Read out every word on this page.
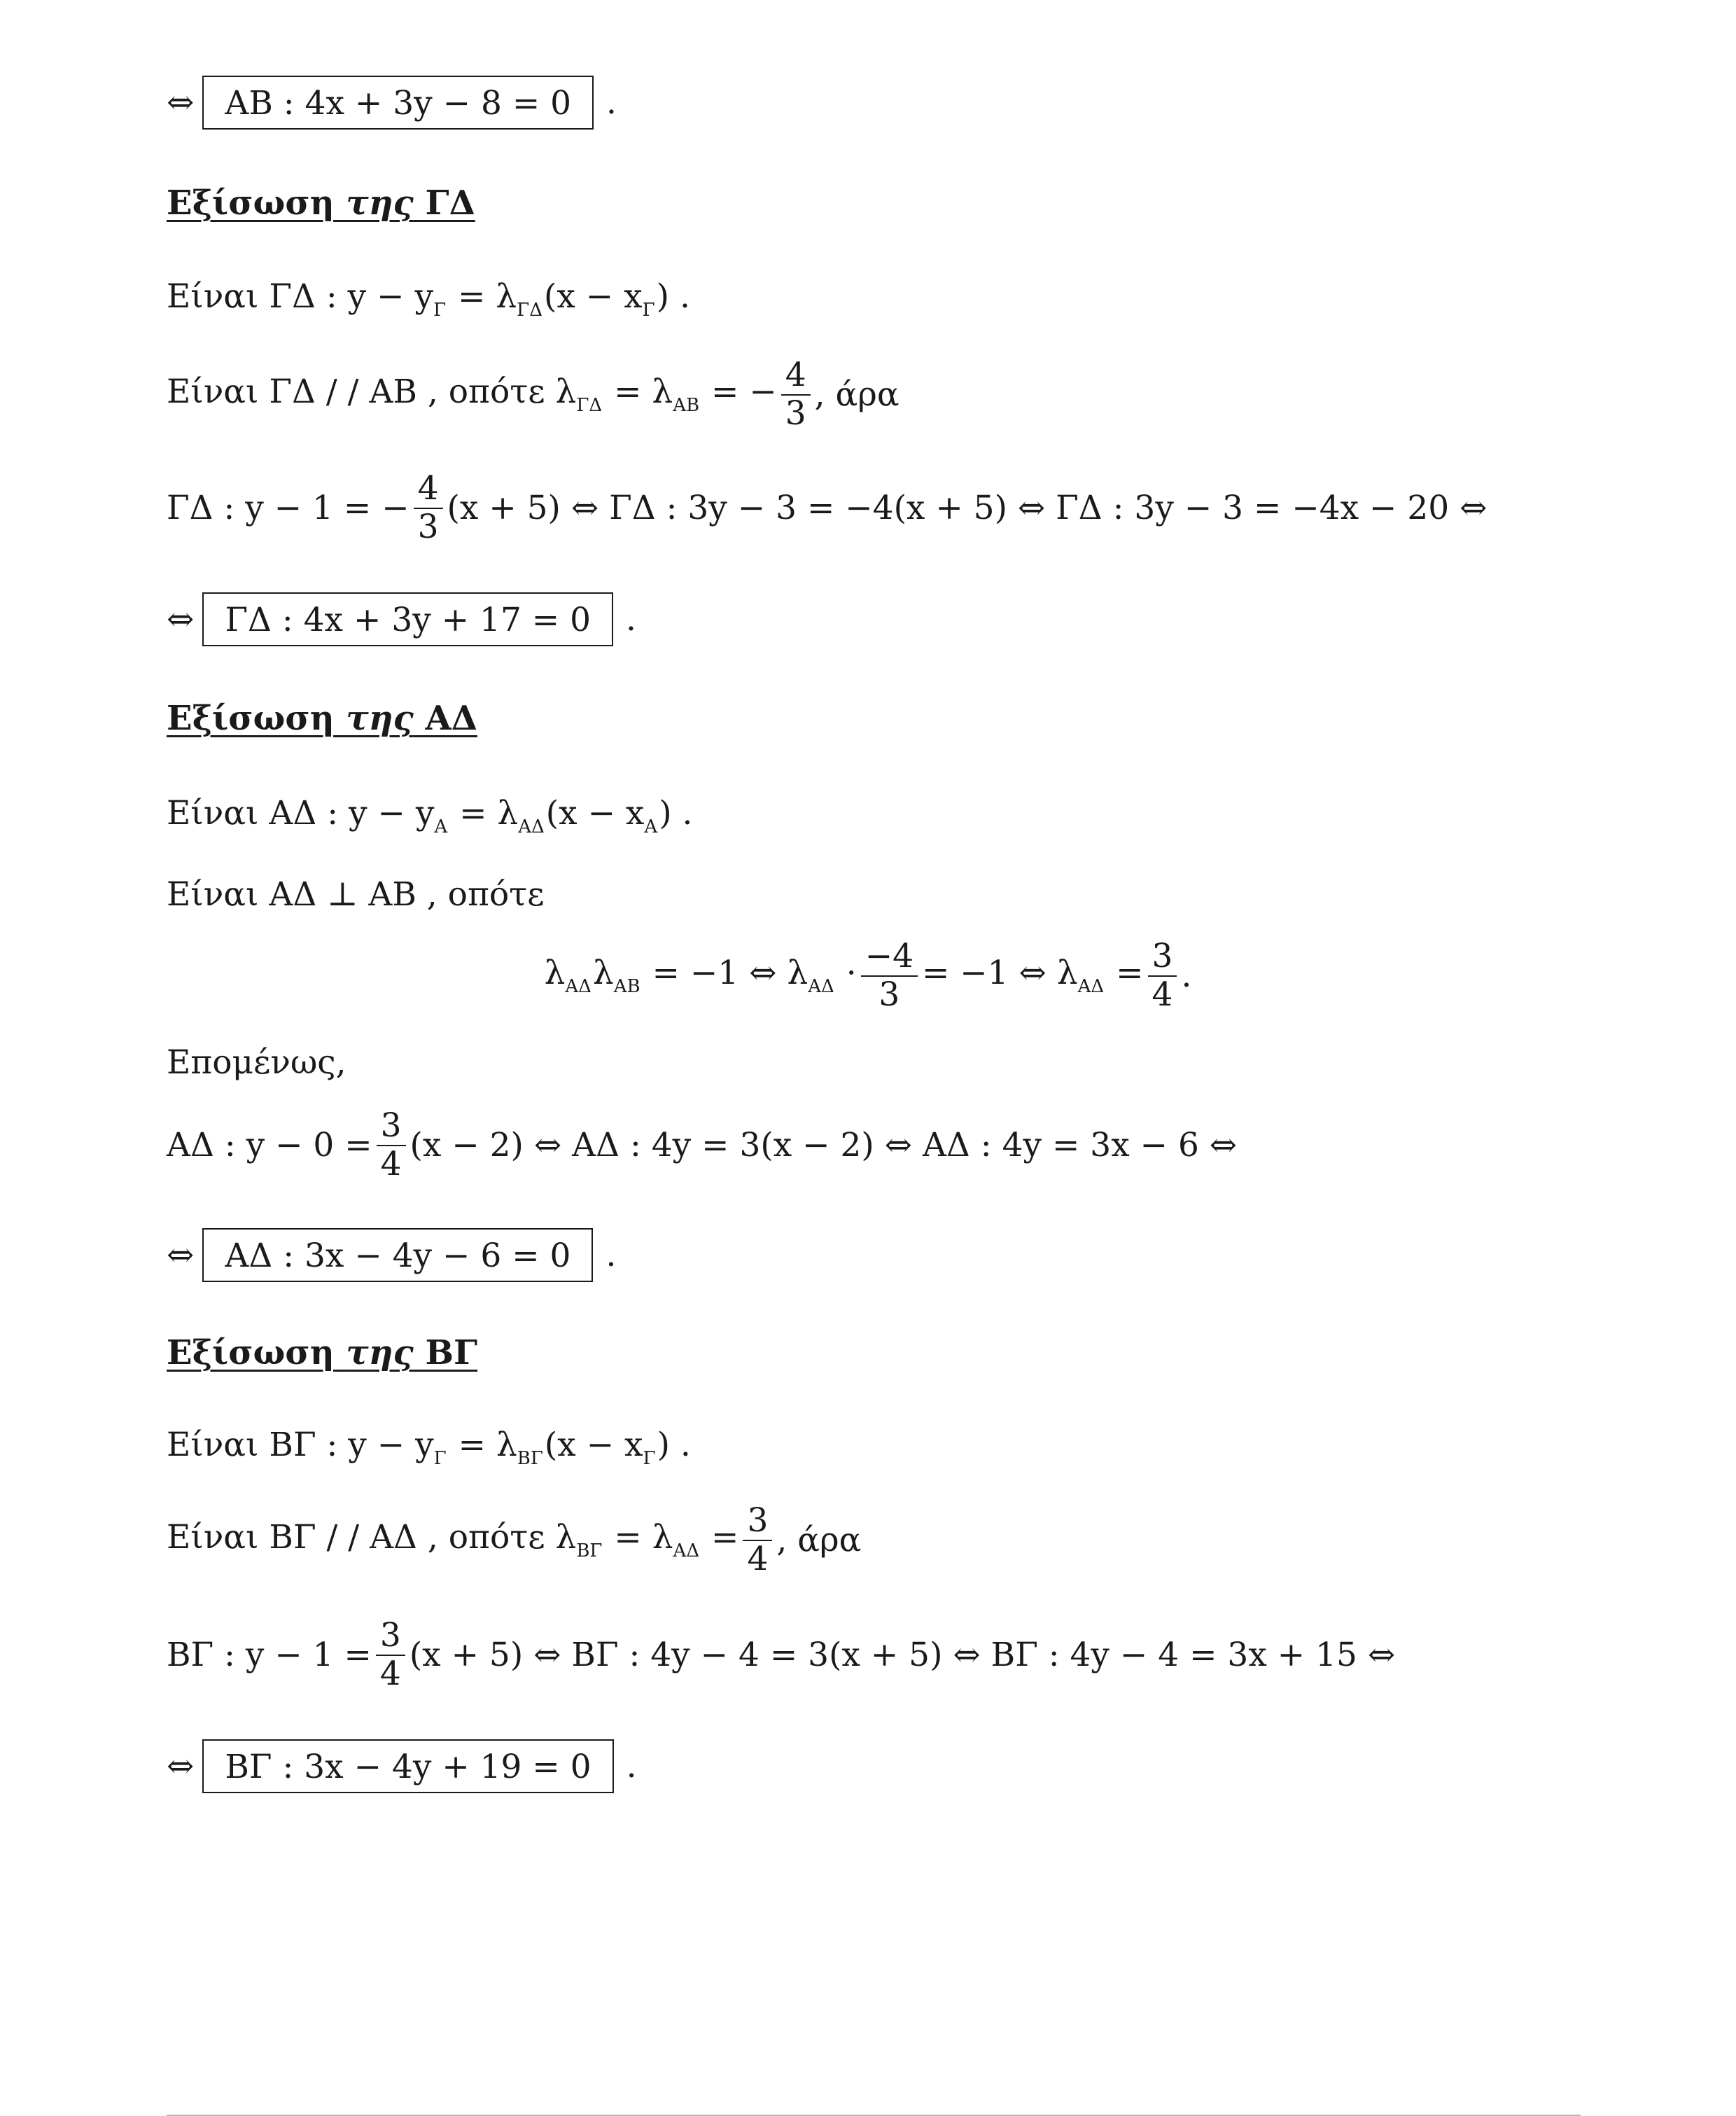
⇔ AB : 4x + 3y − 8 = 0	.
Εξίσωση της ΓΔ
Είναι ΓΔ : $y - y_\Gamma = \lambda_{\Gamma\Delta}(x - x_\Gamma)$ .
Είναι ΓΔ / / AB , οπότε $\lambda_{\Gamma\Delta} = \lambda_{AB}$ = − $\frac{4}{3}$ , άρα
ΓΔ : y − 1 = − $\frac{4}{3} (x + 5)$ ⇔ ΓΔ : 3y − 3 = −4(x + 5) ⇔ ΓΔ : 3y − 3 = −4x − 20 ⇔
⇔ ΓΔ : 4x + 3y + 17 = 0	.
Εξίσωση της ΑΔ
Είναι ΑΔ : $y - y_A = \lambda_{A\Delta}(x - x_A)$ .
Είναι ΑΔ ⊥ AB , οπότε
$\lambda_{A\Delta}\lambda_{AB} = -1$ ⇔ $\lambda_{A\Delta} \cdot \frac{-4}{3} = -1$ ⇔ $\lambda_{A\Delta} = \frac{3}{4}$ .
Επομένως,
ΑΔ : $y - 0 = \frac{3}{4} (x - 2)$ ⇔ ΑΔ : 4y = 3(x − 2) ⇔ ΑΔ : 4y = 3x − 6 ⇔
⇔ ΑΔ : 3x − 4y − 6 = 0	.
Εξίσωση της ΒΓ
Είναι ΒΓ : $y - y_\Gamma = \lambda_{B\Gamma}(x - x_\Gamma)$ .
Είναι ΒΓ / / ΑΔ , οπότε $\lambda_{B\Gamma} = \lambda_{A\Delta} = \frac{3}{4}$ , άρα
ΒΓ : $y - 1 = \frac{3}{4} (x + 5)$ ⇔ ΒΓ : 4y − 4 = 3(x + 5) ⇔ ΒΓ : 4y − 4 = 3x + 15 ⇔
⇔ ΒΓ : 3x − 4y + 19 = 0	.
